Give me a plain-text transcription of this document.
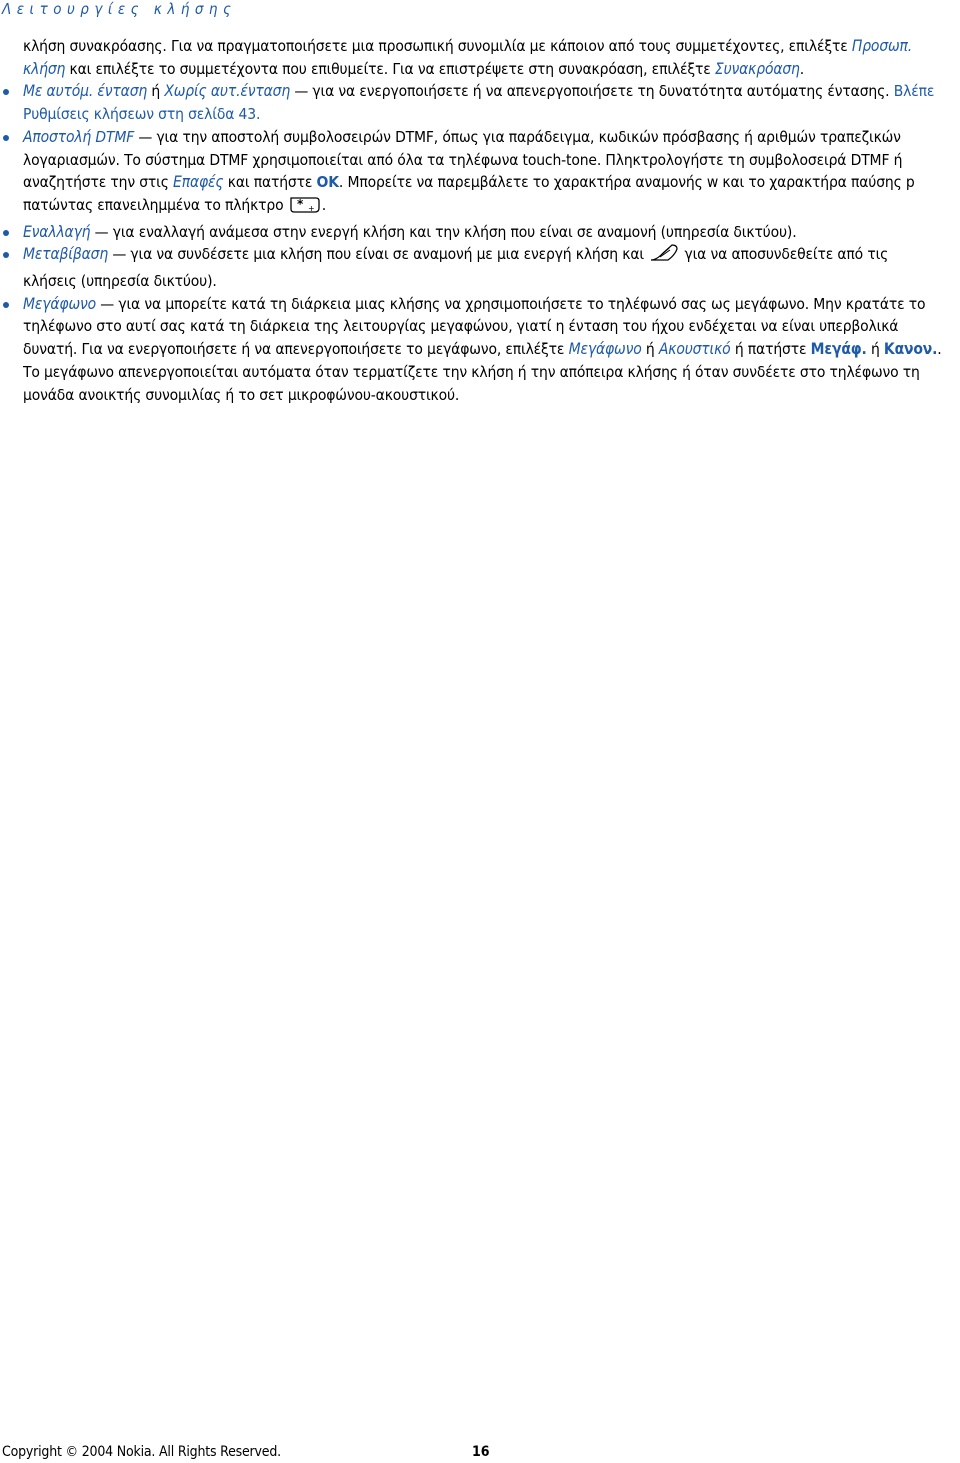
Λειτουργίες κλήσης

κλήση συνακρόασης. Για να πραγματοποιήσετε μια προσωπική συνομιλία με κάποιον από τους συμμετέχοντες, επιλέξτε Προσωπ. κλήση και επιλέξτε το συμμετέχοντα που επιθυμείτε. Για να επιστρέψετε στη συνακρόαση, επιλέξτε Συνακρόαση.

Με αυτόμ. ένταση ή Χωρίς αυτ.ένταση — για να ενεργοποιήσετε ή να απενεργοποιήσετε τη δυνατότητα αυτόματης έντασης. Βλέπε Ρυθμίσεις κλήσεων στη σελίδα 43.

Αποστολή DTMF — για την αποστολή συμβολοσειρών DTMF, όπως για παράδειγμα, κωδικών πρόσβασης ή αριθμών τραπεζικών λογαριασμών. Το σύστημα DTMF χρησιμοποιείται από όλα τα τηλέφωνα touch-tone. Πληκτρολογήστε τη συμβολοσειρά DTMF ή αναζητήστε την στις Επαφές και πατήστε OK. Μπορείτε να παρεμβάλετε το χαρακτήρα αναμονής w και το χαρακτήρα παύσης p πατώντας επανειλημμένα το πλήκτρο * + .

Εναλλαγή — για εναλλαγή ανάμεσα στην ενεργή κλήση και την κλήση που είναι σε αναμονή (υπηρεσία δικτύου).

Μεταβίβαση — για να συνδέσετε μια κλήση που είναι σε αναμονή με μια ενεργή κλήση και  για να αποσυνδεθείτε από τις κλήσεις (υπηρεσία δικτύου).

Μεγάφωνο — για να μπορείτε κατά τη διάρκεια μιας κλήσης να χρησιμοποιήσετε το τηλέφωνό σας ως μεγάφωνο. Μην κρατάτε το τηλέφωνο στο αυτί σας κατά τη διάρκεια της λειτουργίας μεγαφώνου, γιατί η ένταση του ήχου ενδέχεται να είναι υπερβολικά δυνατή. Για να ενεργοποιήσετε ή να απενεργοποιήσετε το μεγάφωνο, επιλέξτε Μεγάφωνο ή Ακουστικό ή πατήστε Μεγάφ. ή Κανον.. Το μεγάφωνο απενεργοποιείται αυτόματα όταν τερματίζετε την κλήση ή την απόπειρα κλήσης ή όταν συνδέετε στο τηλέφωνο τη μονάδα ανοικτής συνομιλίας ή το σετ μικροφώνου-ακουστικού.

Copyright © 2004 Nokia. All Rights Reserved.	16
